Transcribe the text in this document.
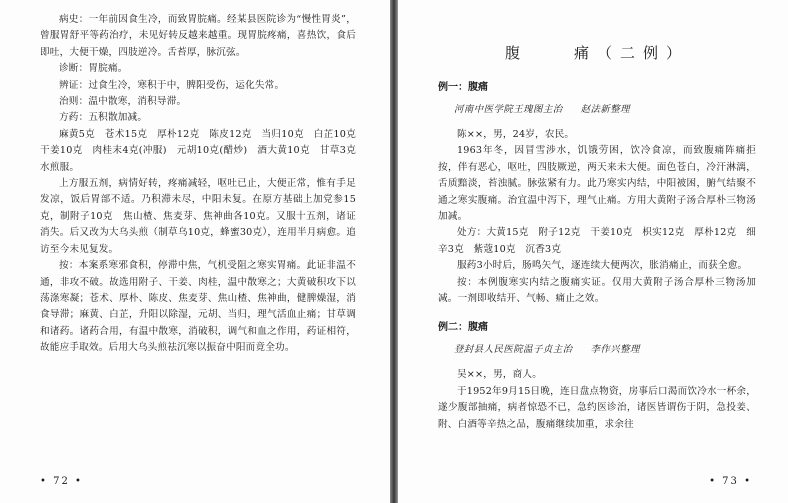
病史：一年前因食生冷，而致胃脘痛。经某县医院诊为“慢性胃炎”，曾服胃舒平等药治疗，未见好转反越来越重。现胃脘疼痛，喜热饮，食后即吐，大便干燥，四肢逆冷。舌苔厚，脉沉弦。

诊断：胃脘痛。

辨证：过食生冷，寒积于中，脾阳受伤，运化失常。

治则：温中散寒，消积导滞。

方药：五积散加减。

麻黄5克　苍术15克　厚朴12克　陈皮12克　当归10克　白芷10克　干姜10克　肉桂末4克(冲服)　元胡10克(醋炒)　酒大黄10克　甘草3克　水煎服。

上方服五剂，病情好转，疼痛减轻，呕吐已止，大便正常，惟有手足发凉，饭后胃部不适。乃积滞未尽，中阳未复。在原方基础上加党参15克，制附子10克　焦山楂、焦麦芽、焦神曲各10克。又服十五剂，诸证消失。后又改为大乌头煎（制草乌10克，蜂蜜30克），连用半月病愈。追访至今未见复发。

按：本案系寒邪食积，停滞中焦，气机受阻之寒实胃痛。此证非温不通，非攻不破。故选用附子、干姜、肉桂，温中散寒之；大黄破积攻下以荡涤寒凝；苍术、厚朴、陈皮、焦麦芽、焦山楂、焦神曲，健脾燥湿，消食导滞；麻黄、白芷，升阳以除湿，元胡、当归，理气活血止痛；甘草调和诸药。诸药合用，有温中散寒，消破积，调气和血之作用，药证相符，故能应手取效。后用大乌头煎祛沉寒以振奋中阳而竟全功。

• 72 •
腹　　痛（二例）
例一：腹痛
河南中医学院王瑰图主治 赵法新整理

陈××，男，24岁，农民。

1963年冬，因冒雪涉水，饥饿劳困，饮冷食凉，而致腹痛阵痛拒按，伴有恶心，呕吐，四肢厥逆，两天来未大便。面色苍白，冷汗淋漓，舌质黯淡，苔浊腻。脉弦紧有力。此乃寒实内结，中阳被困，腑气结聚不通之寒实腹痛。治宜温中泻下，理气止痛。方用大黄附子汤合厚朴三物汤加减。

处方：大黄15克　附子12克　干姜10克　枳实12克　厚朴12克　细辛3克　紫蔻10克　沉香3克

服药3小时后，肠鸣矢气，逐连续大便两次，胀消痛止，而获全愈。

按：本例腹寒实内结之腹痛实证。仅用大黄附子汤合厚朴三物汤加减。一剂即收结开、气畅、痛止之效。

例二：腹痛
登封县人民医院温子贞主治 李作兴整理

吴××，男，商人。

于1952年9月15日晚，连日盘点物资，房事后口渴而饮冷水一杯余，遂少腹部抽痛，病者惊恐不已，急约医诊治，诸医皆谓伤于阴，急投姜、附、白酒等辛热之品，腹痛继续加重，求余往

• 73 •
